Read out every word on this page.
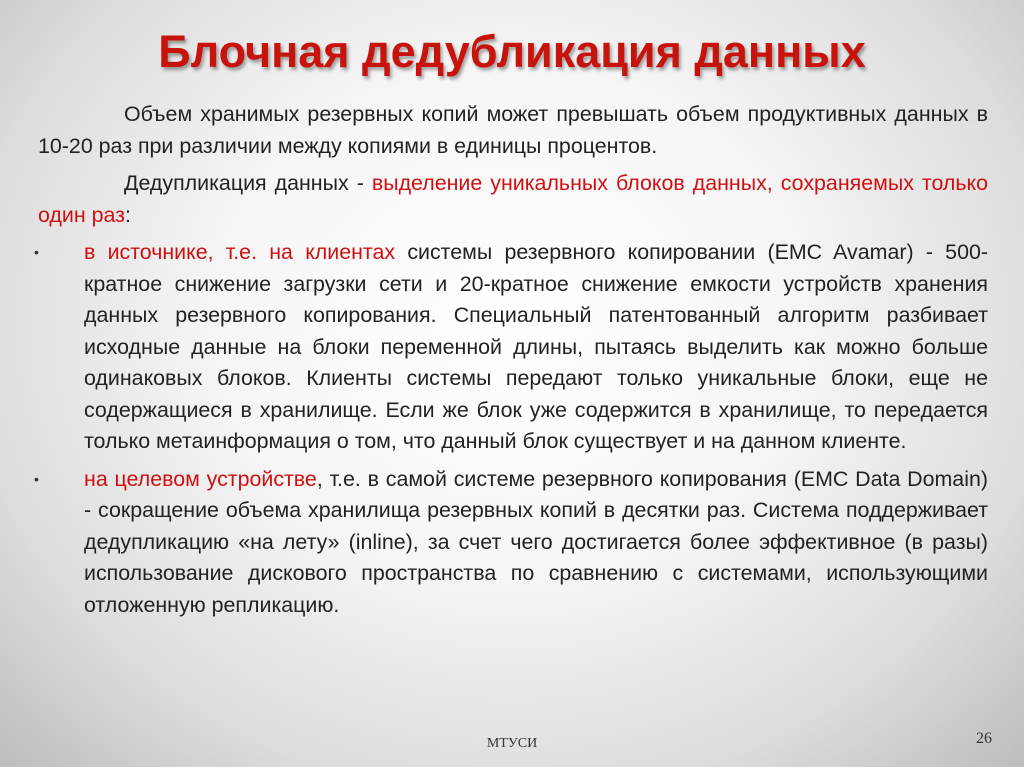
Блочная дедубликация данных

Объем хранимых резервных копий может превышать объем продуктивных данных в 10-20 раз при различии между копиями в единицы процентов.

Дедупликация данных - выделение уникальных блоков данных, сохраняемых только один раз:

• в источнике, т.е. на клиентах системы резервного копировании (EMC Avamar) - 500-кратное снижение загрузки сети и 20-кратное снижение емкости устройств хранения данных резервного копирования. Специальный патентованный алгоритм разбивает исходные данные на блоки переменной длины, пытаясь выделить как можно больше одинаковых блоков. Клиенты системы передают только уникальные блоки, еще не содержащиеся в хранилище. Если же блок уже содержится в хранилище, то передается только метаинформация о том, что данный блок существует и на данном клиенте.
• на целевом устройстве, т.е. в самой системе резервного копирования (EMC Data Domain) - сокращение объема хранилища резервных копий в десятки раз. Система поддерживает дедупликацию «на лету» (inline), за счет чего достигается более эффективное (в разы) использование дискового пространства по сравнению с системами, использующими отложенную репликацию.
МТУСИ	26
